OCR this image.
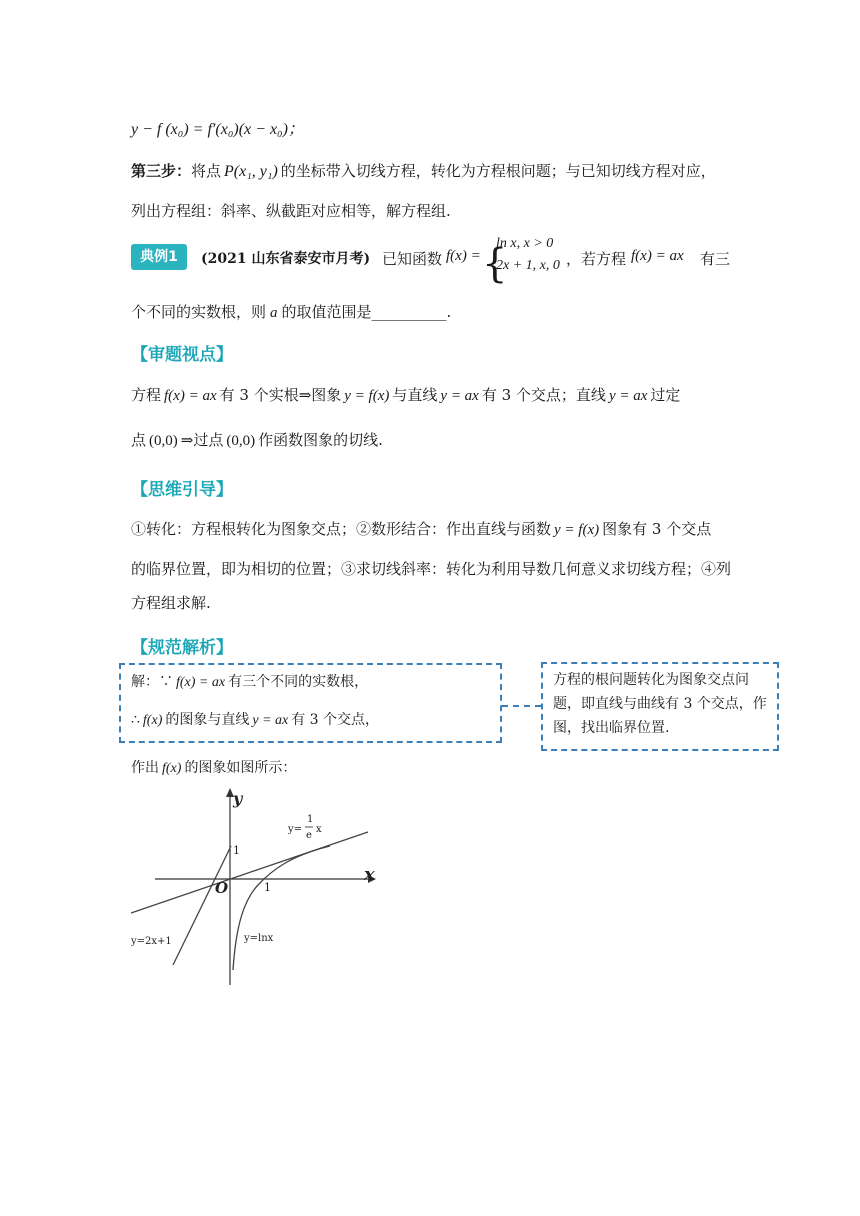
y − f (x₀) = f′(x₀)(x − x₀)；
第三步：将点 P(x₁, y₁) 的坐标带入切线方程，转化为方程根问题；与已知切线方程对应，
列出方程组：斜率、纵截距对应相等，解方程组.
典例1	(2021 山东省泰安市月考) 已知函数 f(x) = {
ln x, x > 0
2x + 1, x, 0 ，若方程 f(x) = ax 有三
个不同的实数根，则 a 的取值范围是__________.
【审题视点】
方程 f(x) = ax 有 3 个实根⇒图象 y = f(x) 与直线 y = ax 有 3 个交点；直线 y = ax 过定
点 (0,0) ⇒过点 (0,0) 作函数图象的切线.
【思维引导】
①转化：方程根转化为图象交点；②数形结合：作出直线与函数 y = f(x) 图象有 3 个交点
的临界位置，即为相切的位置；③求切线斜率：转化为利用导数几何意义求切线方程；④列
方程组求解.
【规范解析】
解：∵ f(x) = ax 有三个不同的实数根，
∴ f(x) 的图象与直线 y = ax 有 3 个交点，
方程的根问题转化为图象交点问题，即直线与曲线有 3 个交点，作图，找出临界位置.
作出 f(x) 的图象如图所示：
y
x
O
1
1
y=
1
e
x
y=2x+1	y=lnx
